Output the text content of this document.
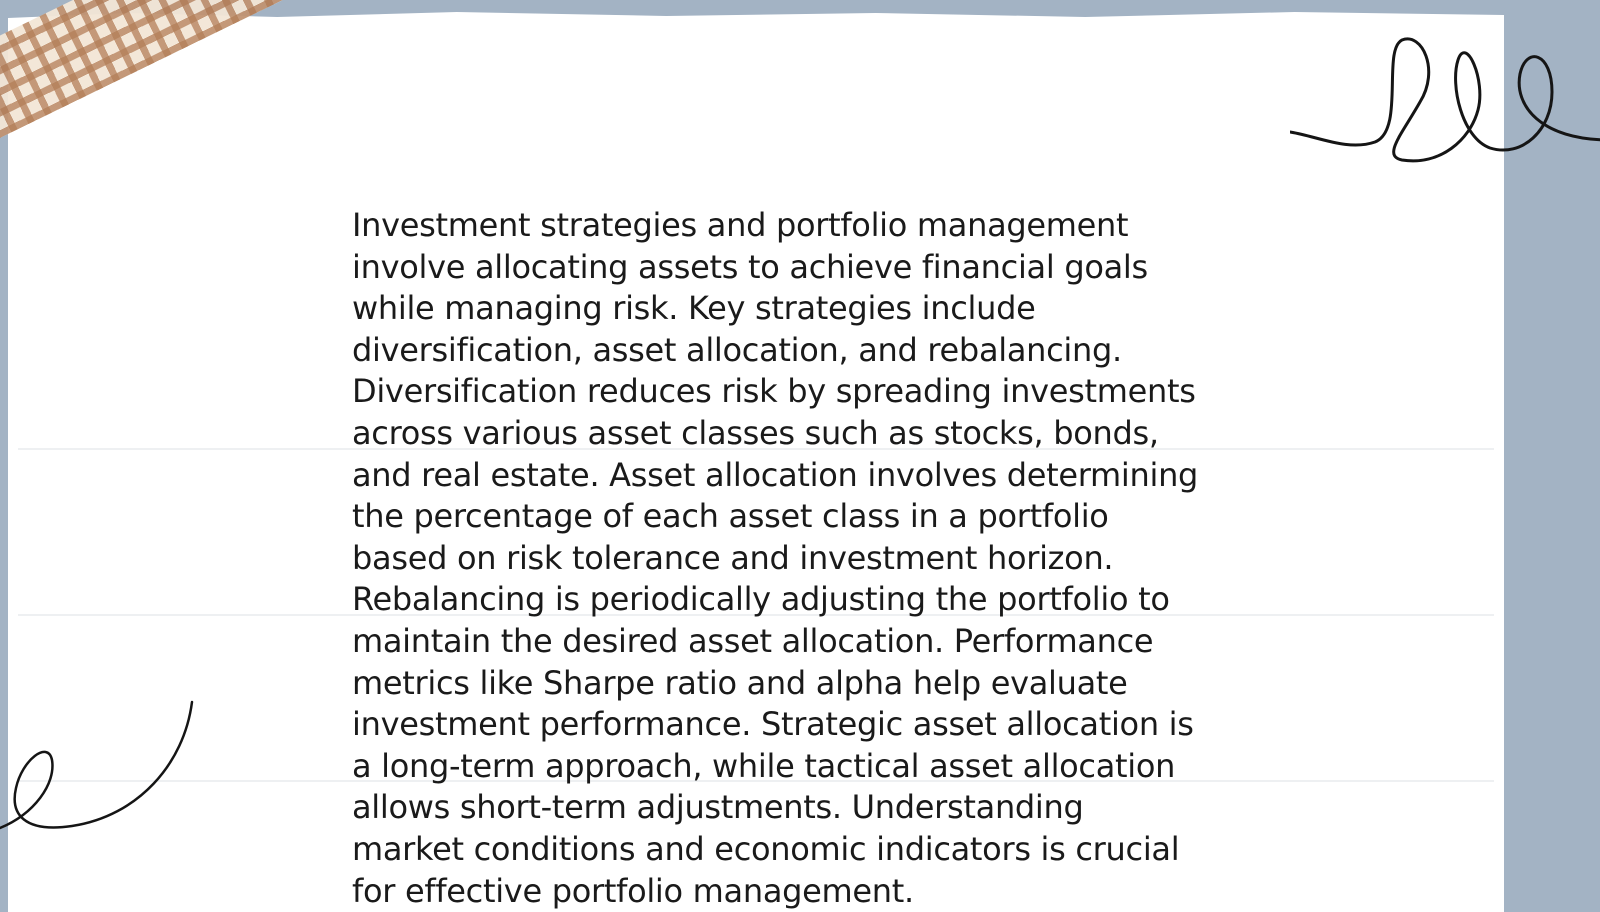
Investment strategies and portfolio management
involve allocating assets to achieve financial goals
while managing risk. Key strategies include
diversification, asset allocation, and rebalancing.
Diversification reduces risk by spreading investments
across various asset classes such as stocks, bonds,
and real estate. Asset allocation involves determining
the percentage of each asset class in a portfolio
based on risk tolerance and investment horizon.
Rebalancing is periodically adjusting the portfolio to
maintain the desired asset allocation. Performance
metrics like Sharpe ratio and alpha help evaluate
investment performance. Strategic asset allocation is
a long-term approach, while tactical asset allocation
allows short-term adjustments. Understanding
market conditions and economic indicators is crucial
for effective portfolio management.
